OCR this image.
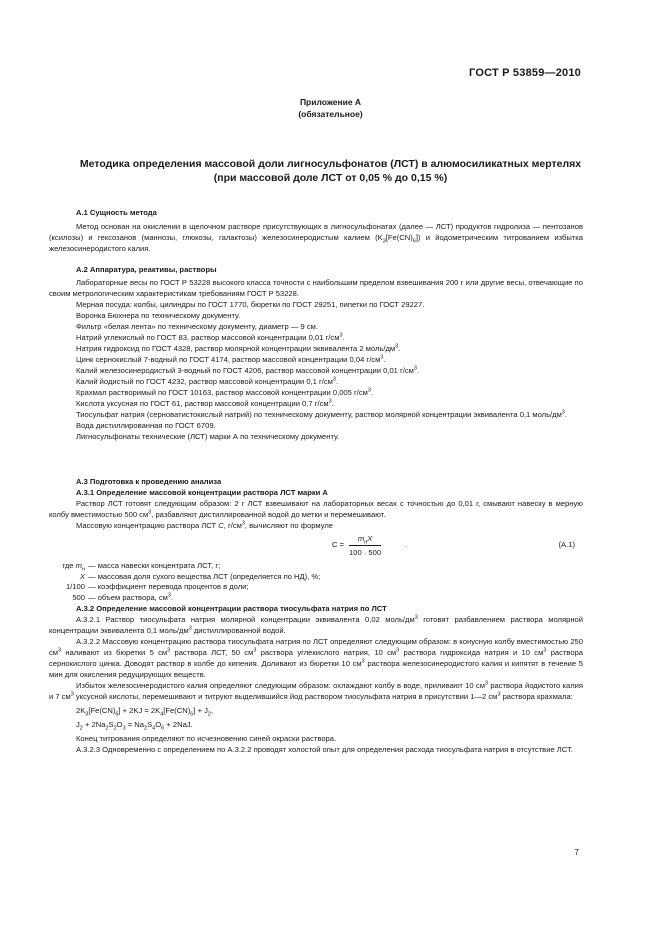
ГОСТ Р 53859—2010
Приложение А
(обязательное)
Методика определения массовой доли лигносульфонатов (ЛСТ) в алюмосиликатных мертелях
(при массовой доле ЛСТ от 0,05 % до 0,15 %)

А.1 Сущность метода

Метод основан на окислении в щелочном растворе присутствующих в лигносульфонатах (далее — ЛСТ) продуктов гидролиза — пентозанов (ксилозы) и гексозанов (маннозы, глюкозы, галактозы) железосинеродистым калием $(K_3[Fe(CN)_6])$ и йодометрическим титрованием избытка железосинеродистого калия.

А.2 Аппаратура, реактивы, растворы

Лабораторные весы по ГОСТ Р 53228 высокого класса точности с наибольшим пределом взвешивания 200 г или другие весы, отвечающие по своим метрологическим характеристикам требованиям ГОСТ Р 53228.

Мерная посуда: колбы, цилиндры по ГОСТ 1770, бюретки по ГОСТ 29251, пипетки по ГОСТ 29227.

Воронка Бюхнера по техническому документу.

Фильтр «белая лента» по техническому документу, диаметр — 9 см.

Натрий углекислый по ГОСТ 83, раствор массовой концентрации 0,01 $г/см^3$.

Натрия гидроксид по ГОСТ 4328, раствор молярной концентрации эквивалента 2 моль/$дм^3$.

Цинк сернокислый 7-водный по ГОСТ 4174, раствор массовой концентрации 0,04 $г/см^3$.

Калий железосинеродистый 3-водный по ГОСТ 4206, раствор массовой концентрации 0,01 $г/см^3$.

Калий йодистый по ГОСТ 4232, раствор массовой концентрации 0,1 $г/см^3$.

Крахмал растворимый по ГОСТ 10163, раствор массовой концентрации 0,005 $г/см^3$.

Кислота уксусная по ГОСТ 61, раствор массовой концентрации 0,7 $г/см^3$.

Тиосульфат натрия (серноватистокислый натрий) по техническому документу, раствор молярной концентрации эквивалента 0,1 моль/$дм^3$.

Вода дистиллированная по ГОСТ 6709.

Лигносульфонаты технические (ЛСТ) марки А по техническому документу.

А.3 Подготовка к проведению анализа

А.3.1 Определение массовой концентрации раствора ЛСТ марки А

Раствор ЛСТ готовят следующим образом: 2 г ЛСТ взвешивают на лабораторных весах с точностью до 0,01 г, смывают навеску в мерную колбу вместимостью 500 $см^3$, разбавляют дистиллированной водой до метки и перемешивают.

Массовую концентрацию раствора ЛСТ C, $г/см^3$, вычисляют по формуле

C =
$m_нX$
100 · 500
.	(А.1)
где $m_н$	— масса навески концентрата ЛСТ, г;
X	— массовая доля сухого вещества ЛСТ (определяется по НД), %;
1/100	— коэффициент перевода процентов в доли;
500	— объем раствора, $см^3$.

А.3.2 Определение массовой концентрации раствора тиосульфата натрия по ЛСТ

А.3.2.1 Раствор тиосульфата натрия молярной концентрации эквивалента 0,02 моль/$дм^3$ готовят разбавлением раствора молярной концентрации эквивалента 0,1 моль/$дм^3$ дистиллированной водой.

А.3.2.2 Массовую концентрацию раствора тиосульфата натрия по ЛСТ определяют следующим образом: в конусную колбу вместимостью 250 $см^3$ наливают из бюретки 5 $см^3$ раствора ЛСТ, 50 $см^3$ раствора углекислого натрия, 10 $см^3$ раствора гидроксида натрия и 10 $см^3$ раствора сернокислого цинка. Доводят раствор в колбе до кипения. Доливают из бюретки 10 $см^3$ раствора железосинеродистого калия и кипятят в течение 5 мин для окисления редуцирующих веществ.

Избыток железосинеродистого калия определяют следующим образом: охлаждают колбу в воде, приливают 10 $см^3$ раствора йодистого калия и 7 $см^3$ уксусной кислоты, перемешивают и титруют выделившийся йод раствором тиосульфата натрия в присутствии 1—2 $см^3$ раствора крахмала:

$2K_3[Fe(CN)_6] + 2KJ = 2K_4[Fe(CN)_6] + J_2$,

$J_2 + 2Na_2S_2O_3 = Na_2S_4O_6 + 2NaJ$.

Конец титрования определяют по исчезновению синей окраски раствора.

А.3.2.3 Одновременно с определением по А.3.2.2 проводят холостой опыт для определения расхода тиосульфата натрия в отсутствие ЛСТ.

7
